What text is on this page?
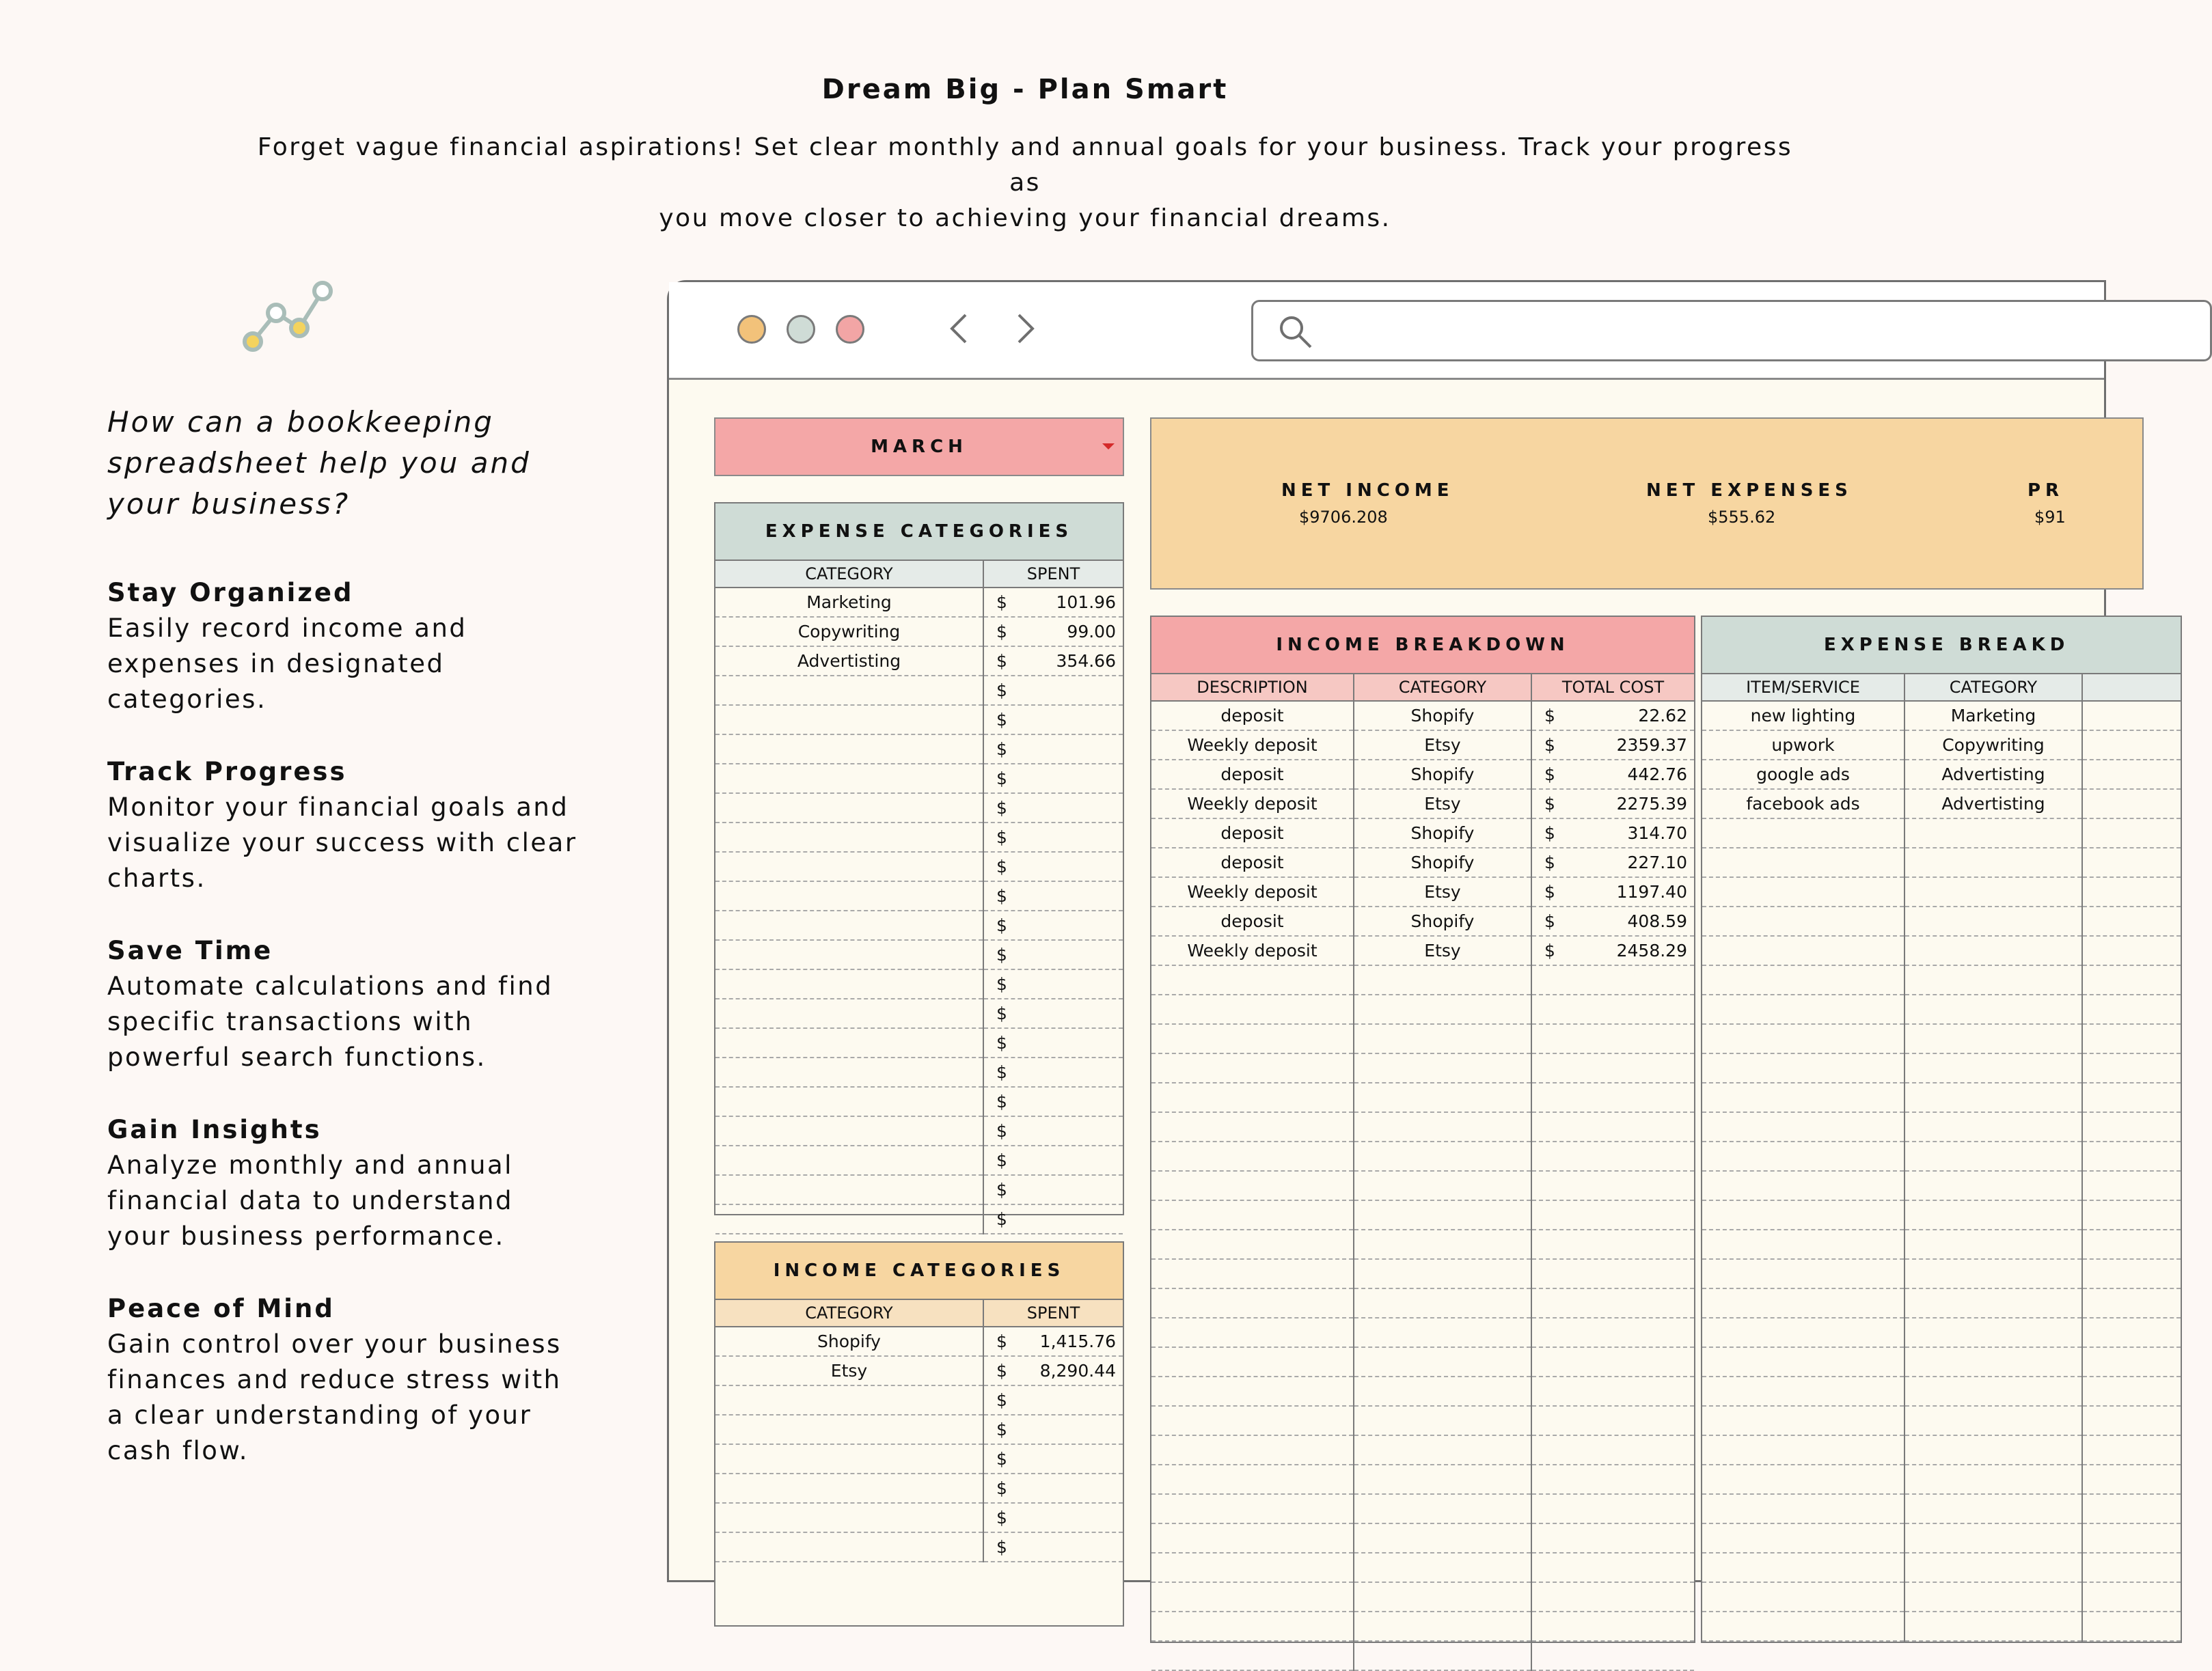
Dream Big - Plan Smart
Forget vague financial aspirations! Set clear monthly and annual goals for your business. Track your progress as
you move closer to achieving your financial dreams.
How can a bookkeeping spreadsheet help you and your business?
Stay Organized
Easily record income and expenses in designated categories.
Track Progress
Monitor your financial goals and visualize your success with clear charts.
Save Time
Automate calculations and find specific transactions with powerful search functions.
Gain Insights
Analyze monthly and annual financial data to understand your business performance.
Peace of Mind
Gain control over your business finances and reduce stress with a clear understanding of your cash flow.
MARCH
NET INCOME
$9706.208
NET EXPENSES
$555.62
PR
$91
EXPENSE CATEGORIES
CATEGORY	SPENT
Marketing	$ 101.96

Copywriting	$ 99.00

Advertisting	$ 354.66

	$

	$

	$

	$

	$

	$

	$

	$

	$

	$

	$

	$

	$

	$

	$

	$

	$

	$

	$
INCOME CATEGORIES
CATEGORY	SPENT
Shopify	$ 1,415.76

Etsy	$ 8,290.44

	$

	$

	$

	$

	$

	$
INCOME BREAKDOWN
DESCRIPTION	CATEGORY	TOTAL COST
deposit	Shopify	$ 22.62

Weekly deposit	Etsy	$ 2359.37

deposit	Shopify	$ 442.76

Weekly deposit	Etsy	$ 2275.39

deposit	Shopify	$ 314.70

deposit	Shopify	$ 227.10

Weekly deposit	Etsy	$ 1197.40

deposit	Shopify	$ 408.59

Weekly deposit	Etsy	$ 2458.29

EXPENSE BREAKD
ITEM/SERVICE	CATEGORY	
new lighting	Marketing	
upwork	Copywriting	
google ads	Advertisting	
facebook ads	Advertisting	
